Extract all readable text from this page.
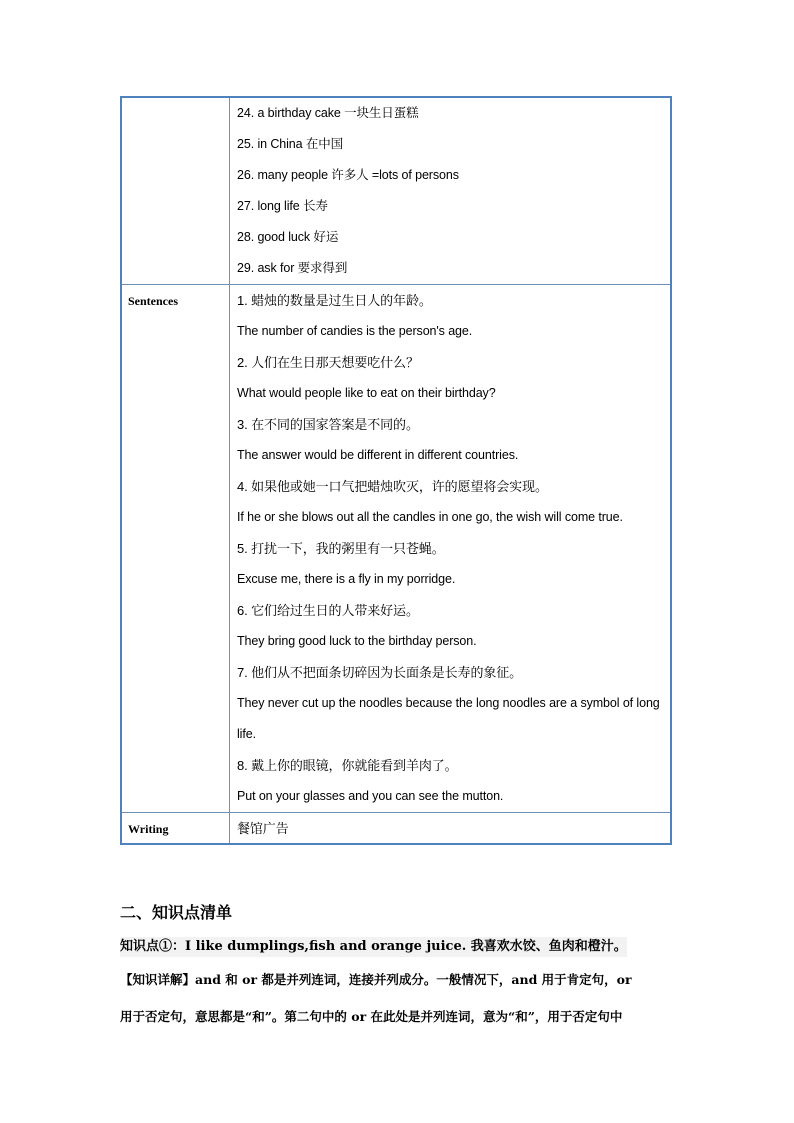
24. a birthday cake 一块生日蛋糕
25. in China 在中国
26. many people 许多人 =lots of persons
27. long life 长寿
28. good luck 好运
29. ask for 要求得到
Sentences	1. 蜡烛的数量是过生日人的年龄。
The number of candies is the person's age.
2. 人们在生日那天想要吃什么？
What would people like to eat on their birthday?
3. 在不同的国家答案是不同的。
The answer would be different in different countries.
4. 如果他或她一口气把蜡烛吹灭，许的愿望将会实现。
If he or she blows out all the candles in one go, the wish will come true.
5. 打扰一下，我的粥里有一只苍蝇。
Excuse me, there is a fly in my porridge.
6. 它们给过生日的人带来好运。
They bring good luck to the birthday person.
7. 他们从不把面条切碎因为长面条是长寿的象征。
They never cut up the noodles because the long noodles are a symbol of long life.
8. 戴上你的眼镜，你就能看到羊肉了。
Put on your glasses and you can see the mutton.
Writing	餐馆广告
二、知识点清单
知识点①：I like dumplings,fish and orange juice. 我喜欢水饺、鱼肉和橙汁。
【知识详解】and 和 or 都是并列连词，连接并列成分。一般情况下，and 用于肯定句，or
用于否定句，意思都是“和”。第二句中的 or 在此处是并列连词，意为“和”，用于否定句中
